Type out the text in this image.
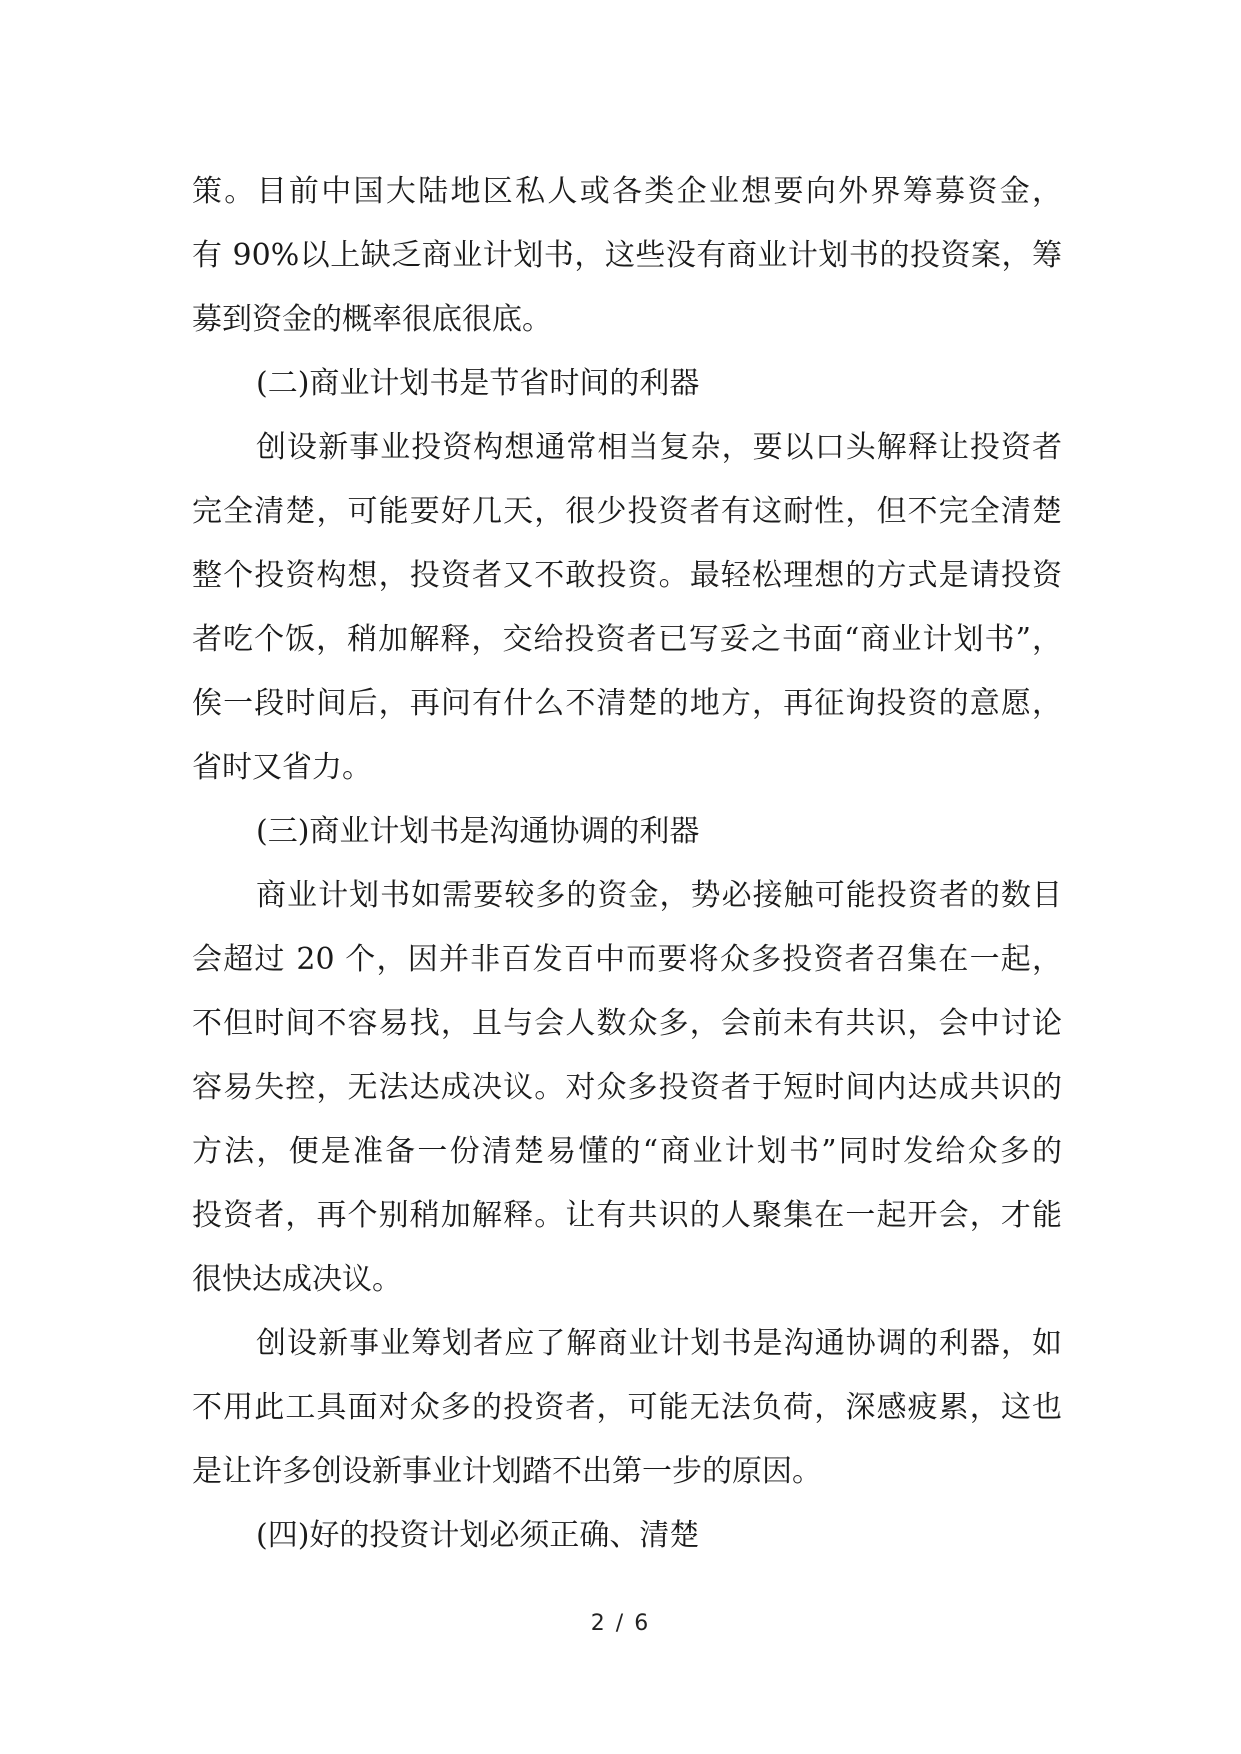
策。目前中国大陆地区私人或各类企业想要向外界筹募资金，
有 90%以上缺乏商业计划书，这些没有商业计划书的投资案，筹
募到资金的概率很底很底。
(二)商业计划书是节省时间的利器
创设新事业投资构想通常相当复杂，要以口头解释让投资者
完全清楚，可能要好几天，很少投资者有这耐性，但不完全清楚
整个投资构想，投资者又不敢投资。最轻松理想的方式是请投资
者吃个饭，稍加解释，交给投资者已写妥之书面“商业计划书”，
俟一段时间后，再问有什么不清楚的地方，再征询投资的意愿，
省时又省力。
(三)商业计划书是沟通协调的利器
商业计划书如需要较多的资金，势必接触可能投资者的数目
会超过 20 个，因并非百发百中而要将众多投资者召集在一起，
不但时间不容易找，且与会人数众多，会前未有共识，会中讨论
容易失控，无法达成决议。对众多投资者于短时间内达成共识的
方法，便是准备一份清楚易懂的“商业计划书”同时发给众多的
投资者，再个别稍加解释。让有共识的人聚集在一起开会，才能
很快达成决议。
创设新事业筹划者应了解商业计划书是沟通协调的利器，如
不用此工具面对众多的投资者，可能无法负荷，深感疲累，这也
是让许多创设新事业计划踏不出第一步的原因。
(四)好的投资计划必须正确、清楚
2 / 6
